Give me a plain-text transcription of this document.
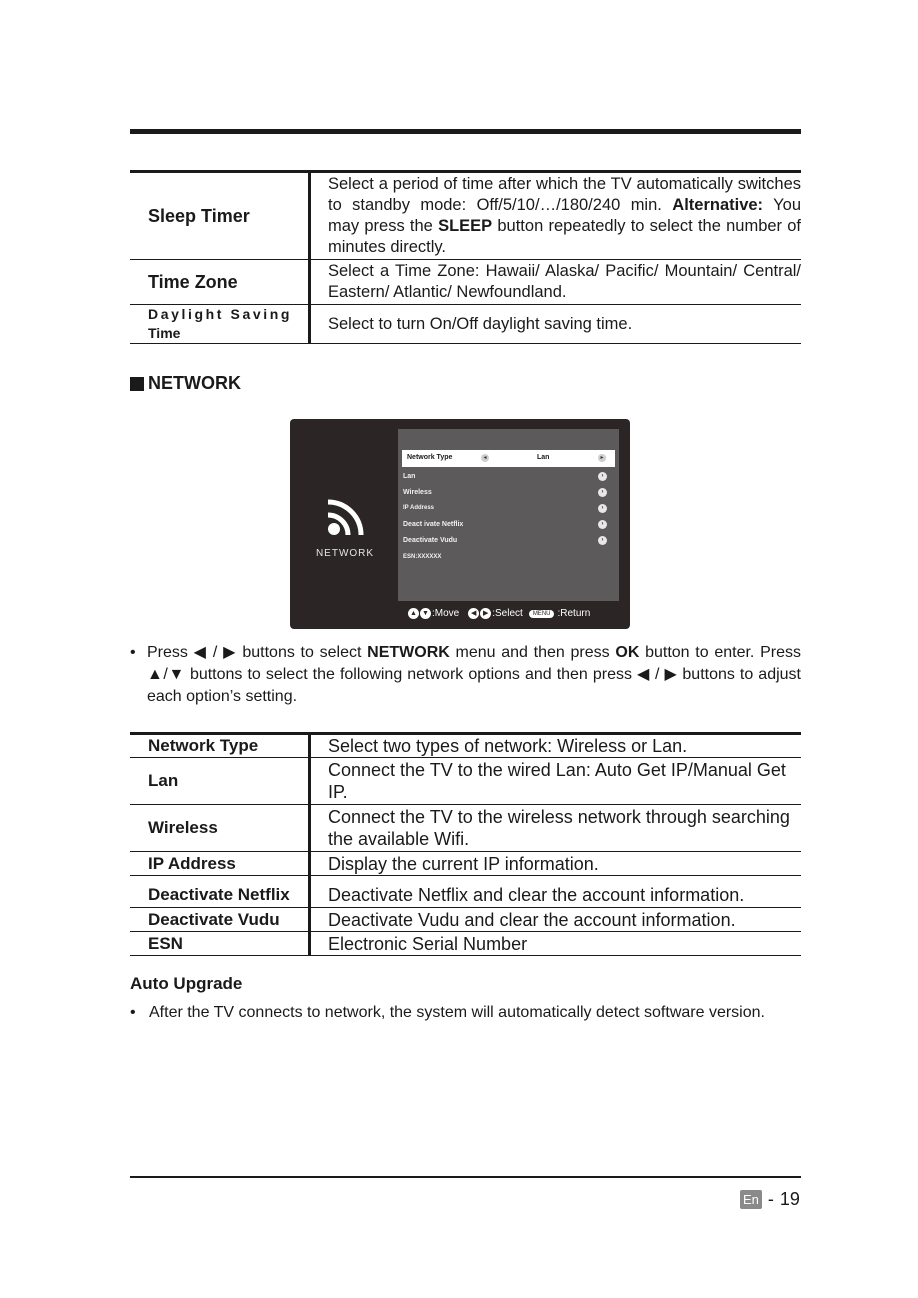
Sleep Timer	Select a period of time after which the TV automatically switches to standby mode: Off/5/10/…/180/240 min. Alternative: You may press the SLEEP button repeatedly to select the number of minutes directly.
Time Zone	Select a Time Zone: Hawaii/ Alaska/ Pacific/ Mountain/ Central/ Eastern/ Atlantic/ Newfoundland.
Daylight Saving
Time	Select to turn On/Off daylight saving time.
NETWORK
NETWORK
Network Type	◂	Lan	▸
Lan	›
Wireless	›
IP Address	›
Deact ivate Netflix	›
Deactivate Vudu	›
ESN:XXXXXX
▲ ▼ :Move	◀ ▶ :Select	MENU :Return
• Press ◀ / ▶ buttons to select NETWORK menu and then press OK button to enter. Press ▲/▼ buttons to select the following network options and then press ◀ / ▶ buttons to adjust each option’s setting.
Network Type	Select two types of network: Wireless or Lan.
Lan	Connect the TV to the wired Lan: Auto Get IP/Manual Get IP.
Wireless	Connect the TV to the wireless network through searching the available Wifi.
IP Address	Display the current IP information.
Deactivate Netflix	Deactivate Netflix and clear the account information.
Deactivate Vudu	Deactivate Vudu and clear the account information.
ESN	Electronic Serial Number
Auto Upgrade
• After the TV connects to network, the system will automatically detect software version.
En - 19
